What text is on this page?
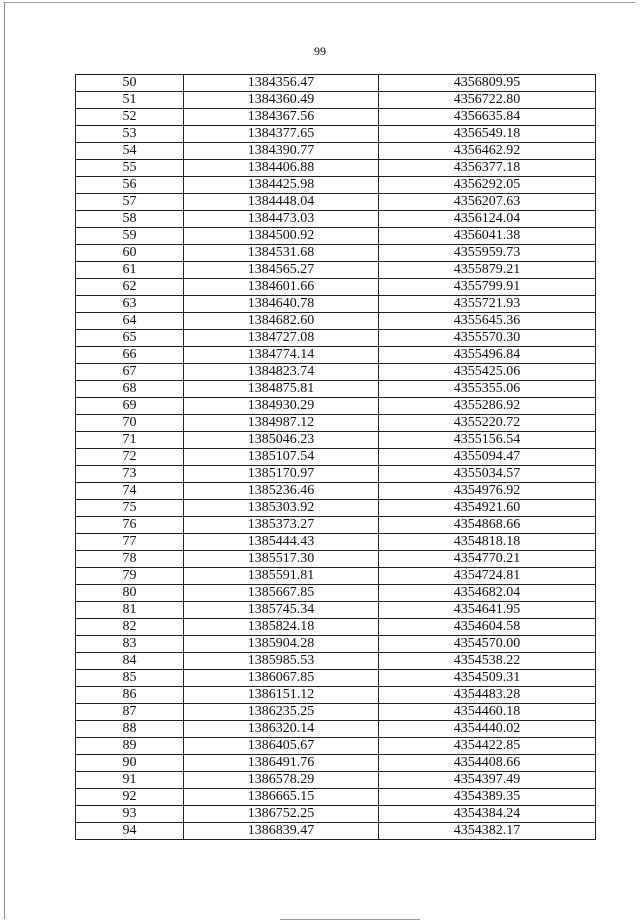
99
50	1384356.47	4356809.95
51	1384360.49	4356722.80
52	1384367.56	4356635.84
53	1384377.65	4356549.18
54	1384390.77	4356462.92
55	1384406.88	4356377.18
56	1384425.98	4356292.05
57	1384448.04	4356207.63
58	1384473.03	4356124.04
59	1384500.92	4356041.38
60	1384531.68	4355959.73
61	1384565.27	4355879.21
62	1384601.66	4355799.91
63	1384640.78	4355721.93
64	1384682.60	4355645.36
65	1384727.08	4355570.30
66	1384774.14	4355496.84
67	1384823.74	4355425.06
68	1384875.81	4355355.06
69	1384930.29	4355286.92
70	1384987.12	4355220.72
71	1385046.23	4355156.54
72	1385107.54	4355094.47
73	1385170.97	4355034.57
74	1385236.46	4354976.92
75	1385303.92	4354921.60
76	1385373.27	4354868.66
77	1385444.43	4354818.18
78	1385517.30	4354770.21
79	1385591.81	4354724.81
80	1385667.85	4354682.04
81	1385745.34	4354641.95
82	1385824.18	4354604.58
83	1385904.28	4354570.00
84	1385985.53	4354538.22
85	1386067.85	4354509.31
86	1386151.12	4354483.28
87	1386235.25	4354460.18
88	1386320.14	4354440.02
89	1386405.67	4354422.85
90	1386491.76	4354408.66
91	1386578.29	4354397.49
92	1386665.15	4354389.35
93	1386752.25	4354384.24
94	1386839.47	4354382.17
